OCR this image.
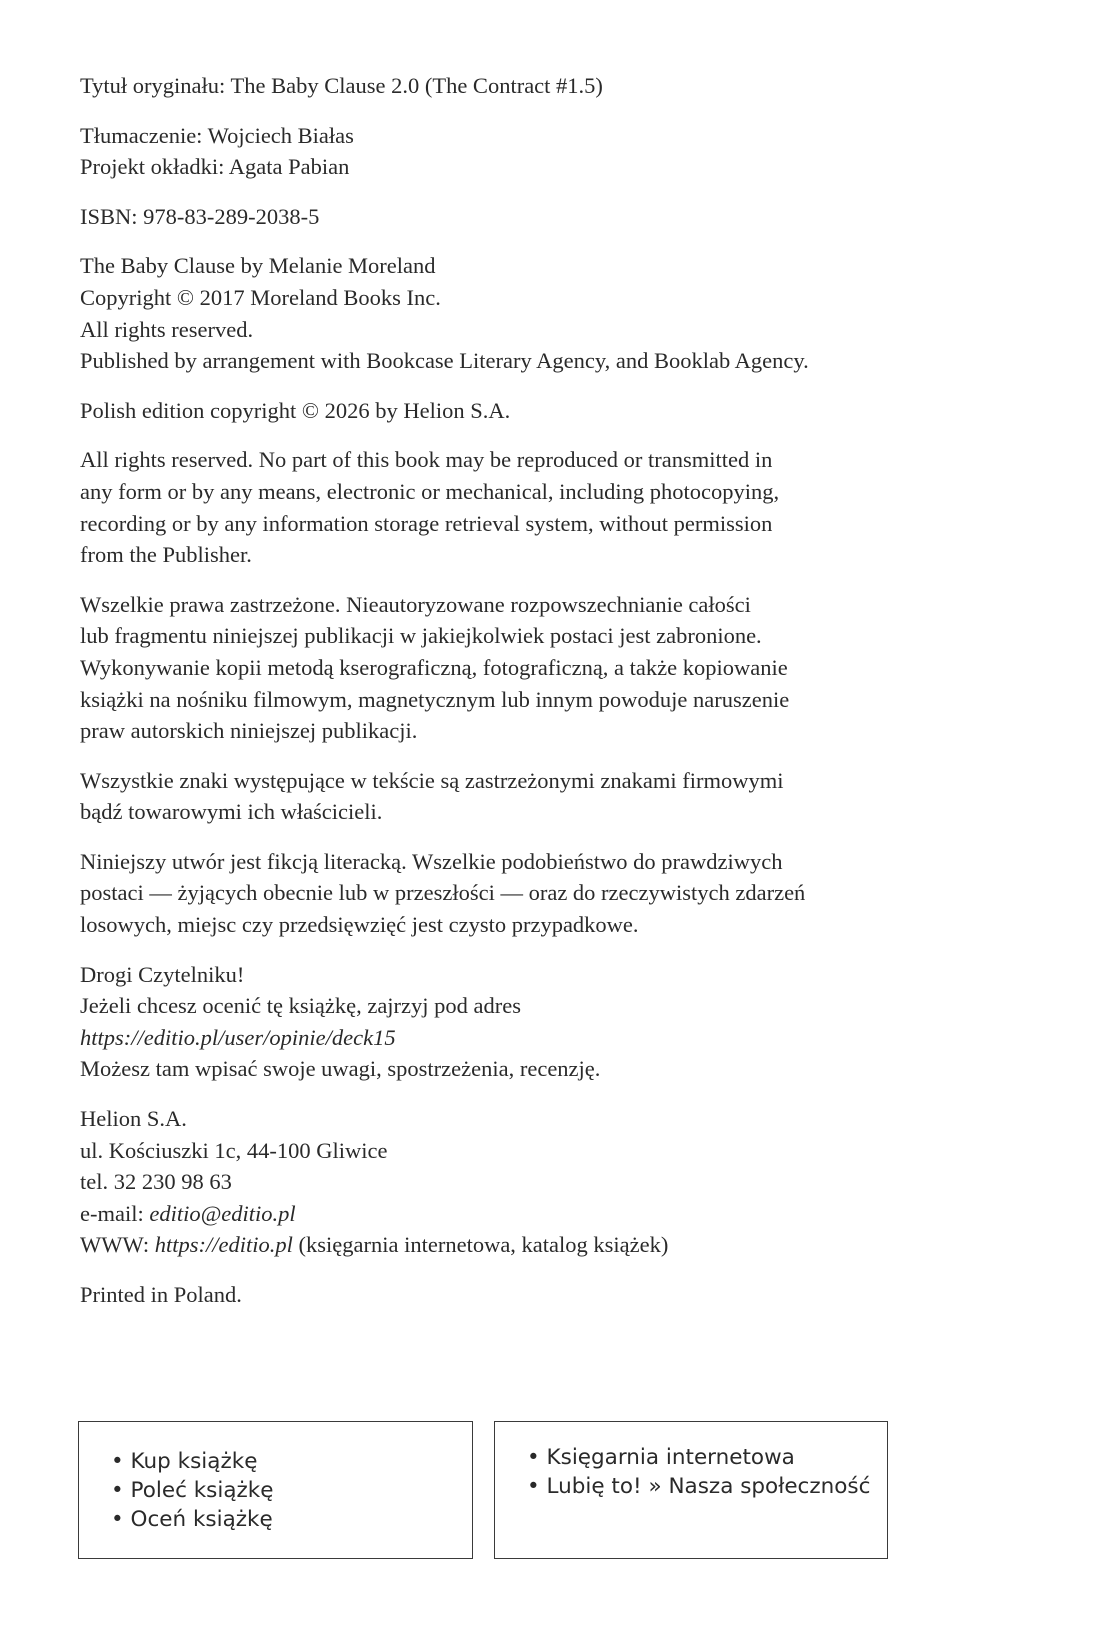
Tytuł oryginału: The Baby Clause 2.0 (The Contract #1.5)

Tłumaczenie: Wojciech Białas

Projekt okładki: Agata Pabian

ISBN: 978-83-289-2038-5

The Baby Clause by Melanie Moreland

Copyright © 2017 Moreland Books Inc.

All rights reserved.

Published by arrangement with Bookcase Literary Agency, and Booklab Agency.

Polish edition copyright © 2026 by Helion S.A.

All rights reserved. No part of this book may be reproduced or transmitted in

any form or by any means, electronic or mechanical, including photocopying,

recording or by any information storage retrieval system, without permission

from the Publisher.

Wszelkie prawa zastrzeżone. Nieautoryzowane rozpowszechnianie całości

lub fragmentu niniejszej publikacji w jakiejkolwiek postaci jest zabronione.

Wykonywanie kopii metodą kserograficzną, fotograficzną, a także kopiowanie

książki na nośniku filmowym, magnetycznym lub innym powoduje naruszenie

praw autorskich niniejszej publikacji.

Wszystkie znaki występujące w tekście są zastrzeżonymi znakami firmowymi

bądź towarowymi ich właścicieli.

Niniejszy utwór jest fikcją literacką. Wszelkie podobieństwo do prawdziwych

postaci — żyjących obecnie lub w przeszłości — oraz do rzeczywistych zdarzeń

losowych, miejsc czy przedsięwzięć jest czysto przypadkowe.

Drogi Czytelniku!

Jeżeli chcesz ocenić tę książkę, zajrzyj pod adres

https://editio.pl/user/opinie/deck15

Możesz tam wpisać swoje uwagi, spostrzeżenia, recenzję.

Helion S.A.

ul. Kościuszki 1c, 44-100 Gliwice

tel. 32 230 98 63

e-mail: editio@editio.pl

WWW: https://editio.pl (księgarnia internetowa, katalog książek)

Printed in Poland.

• Kup książkę
• Poleć książkę
• Oceń książkę
• Księgarnia internetowa
• Lubię to! » Nasza społeczność
